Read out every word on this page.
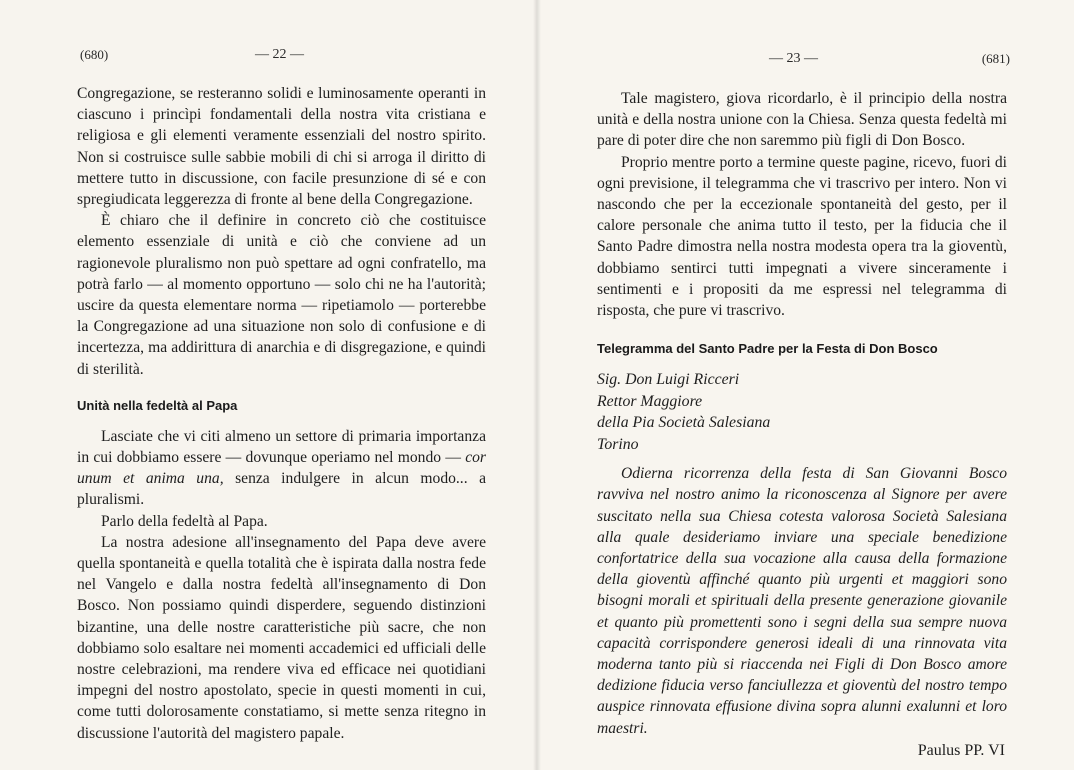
(680)	— 22 —

Congregazione, se resteranno solidi e luminosamente operanti in ciascuno i princìpi fondamentali della nostra vita cristiana e religiosa e gli elementi veramente essenziali del nostro spirito. Non si costruisce sulle sabbie mobili di chi si arroga il diritto di mettere tutto in discussione, con facile presunzione di sé e con spregiudicata leggerezza di fronte al bene della Congregazione.

È chiaro che il definire in concreto ciò che costituisce elemento essenziale di unità e ciò che conviene ad un ragionevole pluralismo non può spettare ad ogni confratello, ma potrà farlo — al momento opportuno — solo chi ne ha l'autorità; uscire da questa elementare norma — ripetiamolo — porterebbe la Congregazione ad una situazione non solo di confusione e di incertezza, ma addirittura di anarchia e di disgregazione, e quindi di sterilità.

Unità nella fedeltà al Papa

Lasciate che vi citi almeno un settore di primaria importanza in cui dobbiamo essere — dovunque operiamo nel mondo — cor unum et anima una, senza indulgere in alcun modo... a pluralismi.

Parlo della fedeltà al Papa.

La nostra adesione all'insegnamento del Papa deve avere quella spontaneità e quella totalità che è ispirata dalla nostra fede nel Vangelo e dalla nostra fedeltà all'insegnamento di Don Bosco. Non possiamo quindi disperdere, seguendo distinzioni bizantine, una delle nostre caratteristiche più sacre, che non dobbiamo solo esaltare nei momenti accademici ed ufficiali delle nostre celebrazioni, ma rendere viva ed efficace nei quotidiani impegni del nostro apostolato, specie in questi momenti in cui, come tutti dolorosamente constatiamo, si mette senza ritegno in discussione l'autorità del magistero papale.

— 23 —	(681)

Tale magistero, giova ricordarlo, è il principio della nostra unità e della nostra unione con la Chiesa. Senza questa fedeltà mi pare di poter dire che non saremmo più figli di Don Bosco.

Proprio mentre porto a termine queste pagine, ricevo, fuori di ogni previsione, il telegramma che vi trascrivo per intero. Non vi nascondo che per la eccezionale spontaneità del gesto, per il calore personale che anima tutto il testo, per la fiducia che il Santo Padre dimostra nella nostra modesta opera tra la gioventù, dobbiamo sentirci tutti impegnati a vivere sinceramente i sentimenti e i propositi da me espressi nel telegramma di risposta, che pure vi trascrivo.

Telegramma del Santo Padre per la Festa di Don Bosco
Sig. Don Luigi Ricceri
Rettor Maggiore
della Pia Società Salesiana
Torino

Odierna ricorrenza della festa di San Giovanni Bosco ravviva nel nostro animo la riconoscenza al Signore per avere suscitato nella sua Chiesa cotesta valorosa Società Salesiana alla quale desideriamo inviare una speciale benedizione confortatrice della sua vocazione alla causa della formazione della gioventù affinché quanto più urgenti et maggiori sono bisogni morali et spirituali della presente generazione giovanile et quanto più promettenti sono i segni della sua sempre nuova capacità corrispondere generosi ideali di una rinnovata vita moderna tanto più si riaccenda nei Figli di Don Bosco amore dedizione fiducia verso fanciullezza et gioventù del nostro tempo auspice rinnovata effusione divina sopra alunni exalunni et loro maestri.

Paulus PP. VI
